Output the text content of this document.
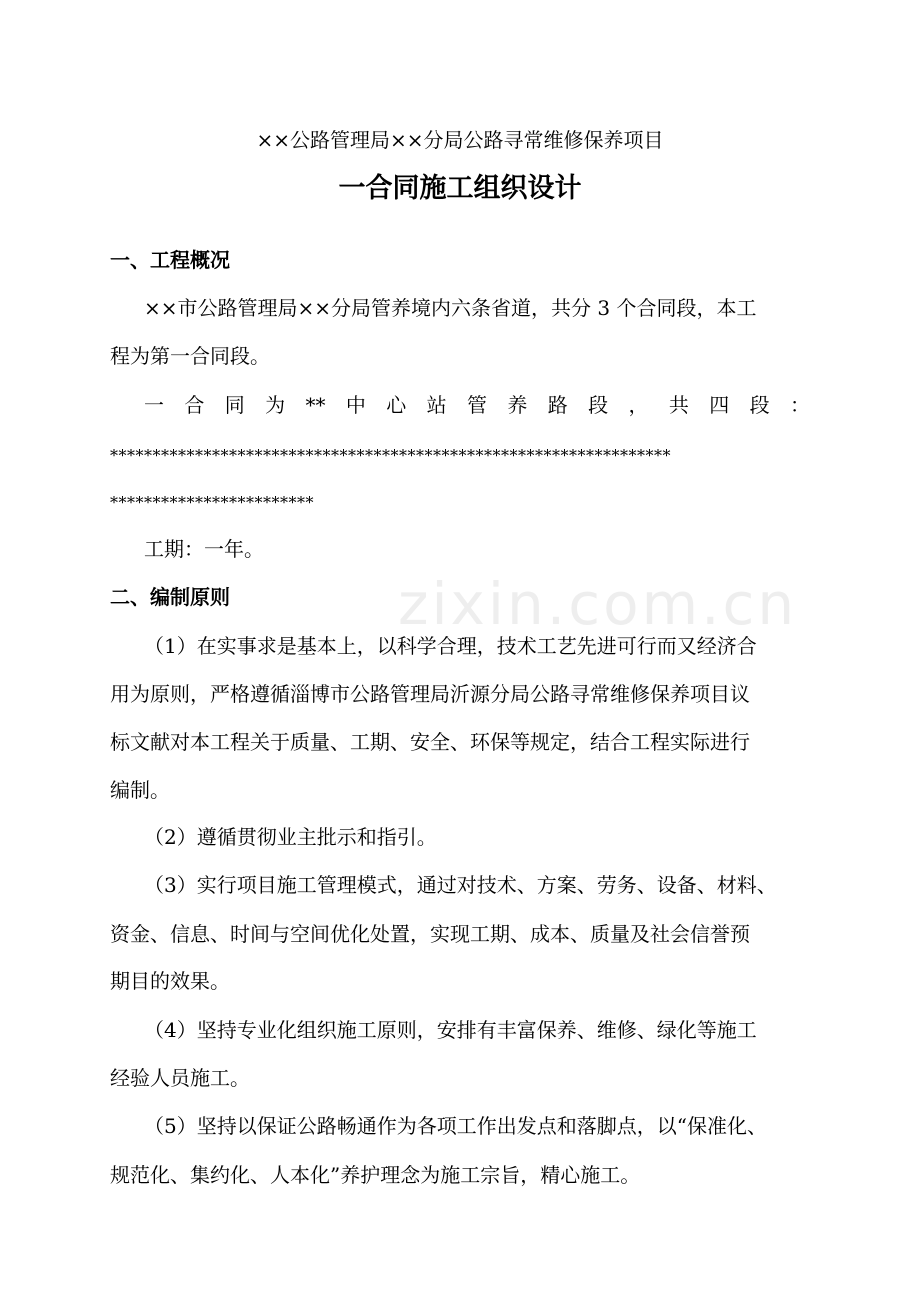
zixin.com.cn
××公路管理局××分局公路寻常维修保养项目
一合同施工组织设计
一、工程概况
××市公路管理局××分局管养境内六条省道，共分 3 个合同段，本工
程为第一合同段。
一 合 同 为 ** 中 心 站 管 养 路 段 ， 共 四 段 ：
******************************************************************
************************
工期：一年。
二、编制原则
（1）在实事求是基本上，以科学合理，技术工艺先进可行而又经济合
用为原则，严格遵循淄博市公路管理局沂源分局公路寻常维修保养项目议
标文献对本工程关于质量、工期、安全、环保等规定，结合工程实际进行
编制。
（2）遵循贯彻业主批示和指引。
（3）实行项目施工管理模式，通过对技术、方案、劳务、设备、材料、
资金、信息、时间与空间优化处置，实现工期、成本、质量及社会信誉预
期目的效果。
（4）坚持专业化组织施工原则，安排有丰富保养、维修、绿化等施工
经验人员施工。
（5）坚持以保证公路畅通作为各项工作出发点和落脚点，以“保准化、
规范化、集约化、人本化”养护理念为施工宗旨，精心施工。
